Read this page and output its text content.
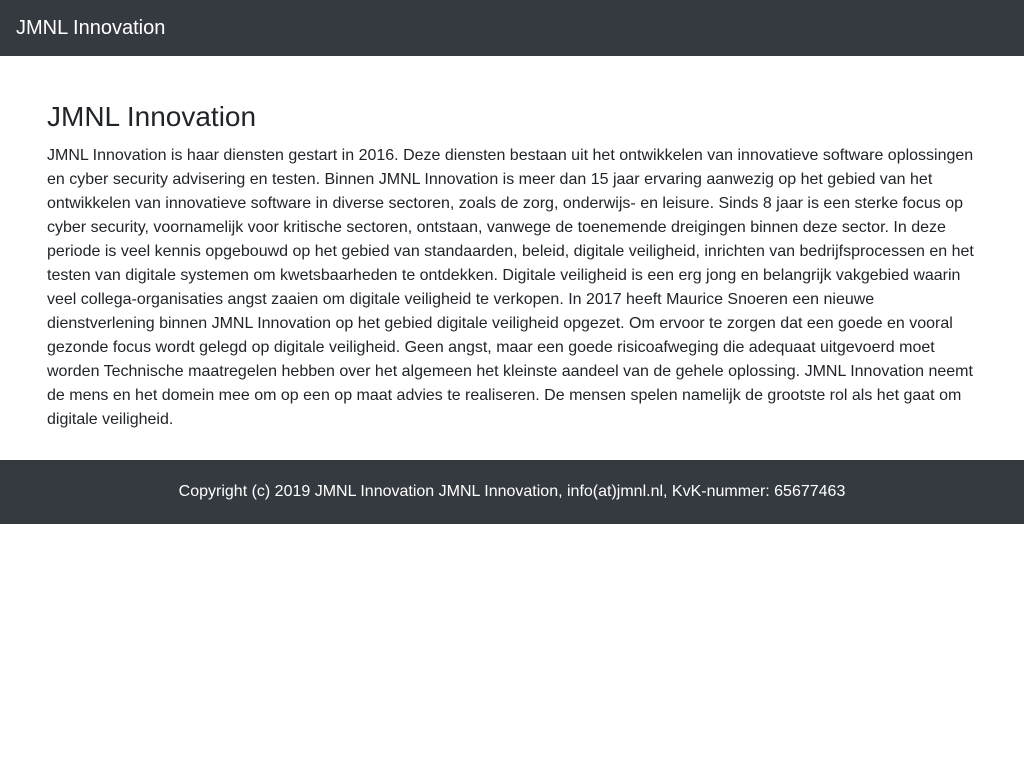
JMNL Innovation
JMNL Innovation

JMNL Innovation is haar diensten gestart in 2016. Deze diensten bestaan uit het ontwikkelen van innovatieve software oplossingen en cyber security advisering en testen. Binnen JMNL Innovation is meer dan 15 jaar ervaring aanwezig op het gebied van het ontwikkelen van innovatieve software in diverse sectoren, zoals de zorg, onderwijs- en leisure. Sinds 8 jaar is een sterke focus op cyber security, voornamelijk voor kritische sectoren, ontstaan, vanwege de toenemende dreigingen binnen deze sector. In deze periode is veel kennis opgebouwd op het gebied van standaarden, beleid, digitale veiligheid, inrichten van bedrijfsprocessen en het testen van digitale systemen om kwetsbaarheden te ontdekken. Digitale veiligheid is een erg jong en belangrijk vakgebied waarin veel collega-organisaties angst zaaien om digitale veiligheid te verkopen. In 2017 heeft Maurice Snoeren een nieuwe dienstverlening binnen JMNL Innovation op het gebied digitale veiligheid opgezet. Om ervoor te zorgen dat een goede en vooral gezonde focus wordt gelegd op digitale veiligheid. Geen angst, maar een goede risicoafweging die adequaat uitgevoerd moet worden Technische maatregelen hebben over het algemeen het kleinste aandeel van de gehele oplossing. JMNL Innovation neemt de mens en het domein mee om op een op maat advies te realiseren. De mensen spelen namelijk de grootste rol als het gaat om digitale veiligheid.

Copyright (c) 2019 JMNL Innovation JMNL Innovation, info(at)jmnl.nl, KvK-nummer: 65677463
